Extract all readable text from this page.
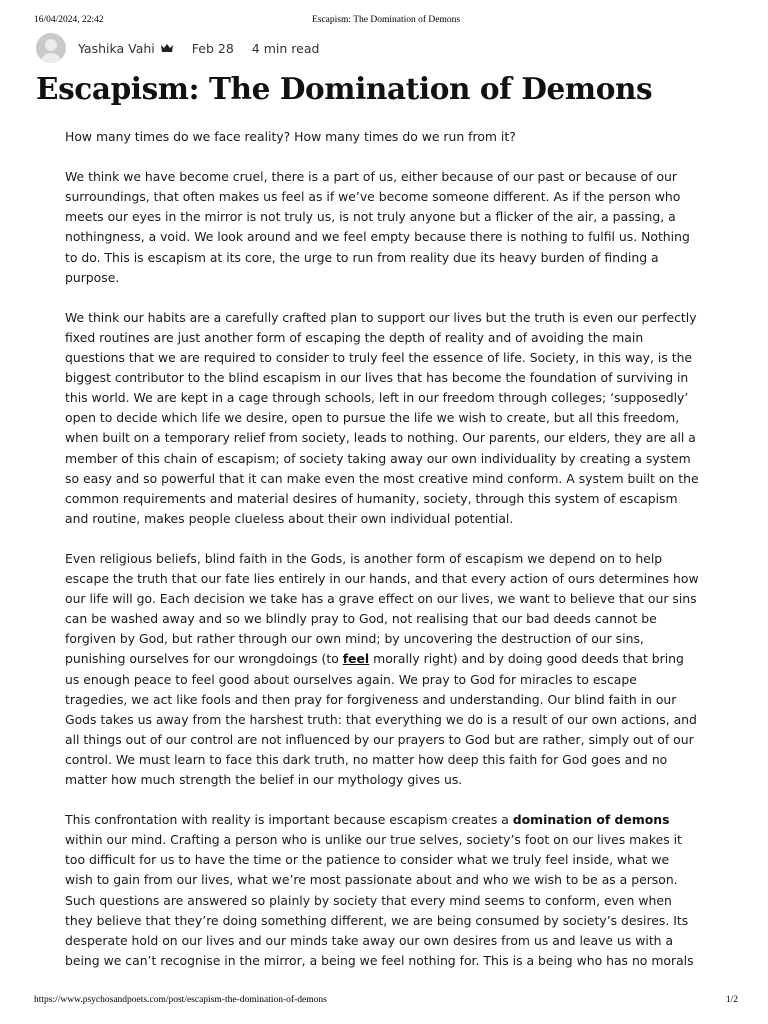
16/04/2024, 22:42	Escapism: The Domination of Demons
Yashika Vahi	Feb 28 4 min read
Escapism: The Domination of Demons

How many times do we face reality? How many times do we run from it?

We think we have become cruel, there is a part of us, either because of our past or because of our surroundings, that often makes us feel as if we’ve become someone different. As if the person who meets our eyes in the mirror is not truly us, is not truly anyone but a flicker of the air, a passing, a nothingness, a void. We look around and we feel empty because there is nothing to fulfil us. Nothing to do. This is escapism at its core, the urge to run from reality due its heavy burden of finding a purpose.

We think our habits are a carefully crafted plan to support our lives but the truth is even our perfectly fixed routines are just another form of escaping the depth of reality and of avoiding the main questions that we are required to consider to truly feel the essence of life. Society, in this way, is the biggest contributor to the blind escapism in our lives that has become the foundation of surviving in this world. We are kept in a cage through schools, left in our freedom through colleges; ‘supposedly’ open to decide which life we desire, open to pursue the life we wish to create, but all this freedom, when built on a temporary relief from society, leads to nothing. Our parents, our elders, they are all a member of this chain of escapism; of society taking away our own individuality by creating a system so easy and so powerful that it can make even the most creative mind conform. A system built on the common requirements and material desires of humanity, society, through this system of escapism and routine, makes people clueless about their own individual potential.

Even religious beliefs, blind faith in the Gods, is another form of escapism we depend on to help escape the truth that our fate lies entirely in our hands, and that every action of ours determines how our life will go. Each decision we take has a grave effect on our lives, we want to believe that our sins can be washed away and so we blindly pray to God, not realising that our bad deeds cannot be forgiven by God, but rather through our own mind; by uncovering the destruction of our sins, punishing ourselves for our wrongdoings (to feel morally right) and by doing good deeds that bring us enough peace to feel good about ourselves again. We pray to God for miracles to escape tragedies, we act like fools and then pray for forgiveness and understanding. Our blind faith in our Gods takes us away from the harshest truth: that everything we do is a result of our own actions, and all things out of our control are not influenced by our prayers to God but are rather, simply out of our control. We must learn to face this dark truth, no matter how deep this faith for God goes and no matter how much strength the belief in our mythology gives us.

This confrontation with reality is important because escapism creates a domination of demons within our mind. Crafting a person who is unlike our true selves, society’s foot on our lives makes it too difficult for us to have the time or the patience to consider what we truly feel inside, what we wish to gain from our lives, what we’re most passionate about and who we wish to be as a person. Such questions are answered so plainly by society that every mind seems to conform, even when they believe that they’re doing something different, we are being consumed by society’s desires. Its desperate hold on our lives and our minds take away our own desires from us and leave us with a being we can’t recognise in the mirror, a being we feel nothing for. This is a being who has no morals

https://www.psychosandpoets.com/post/escapism-the-domination-of-demons	1/2
